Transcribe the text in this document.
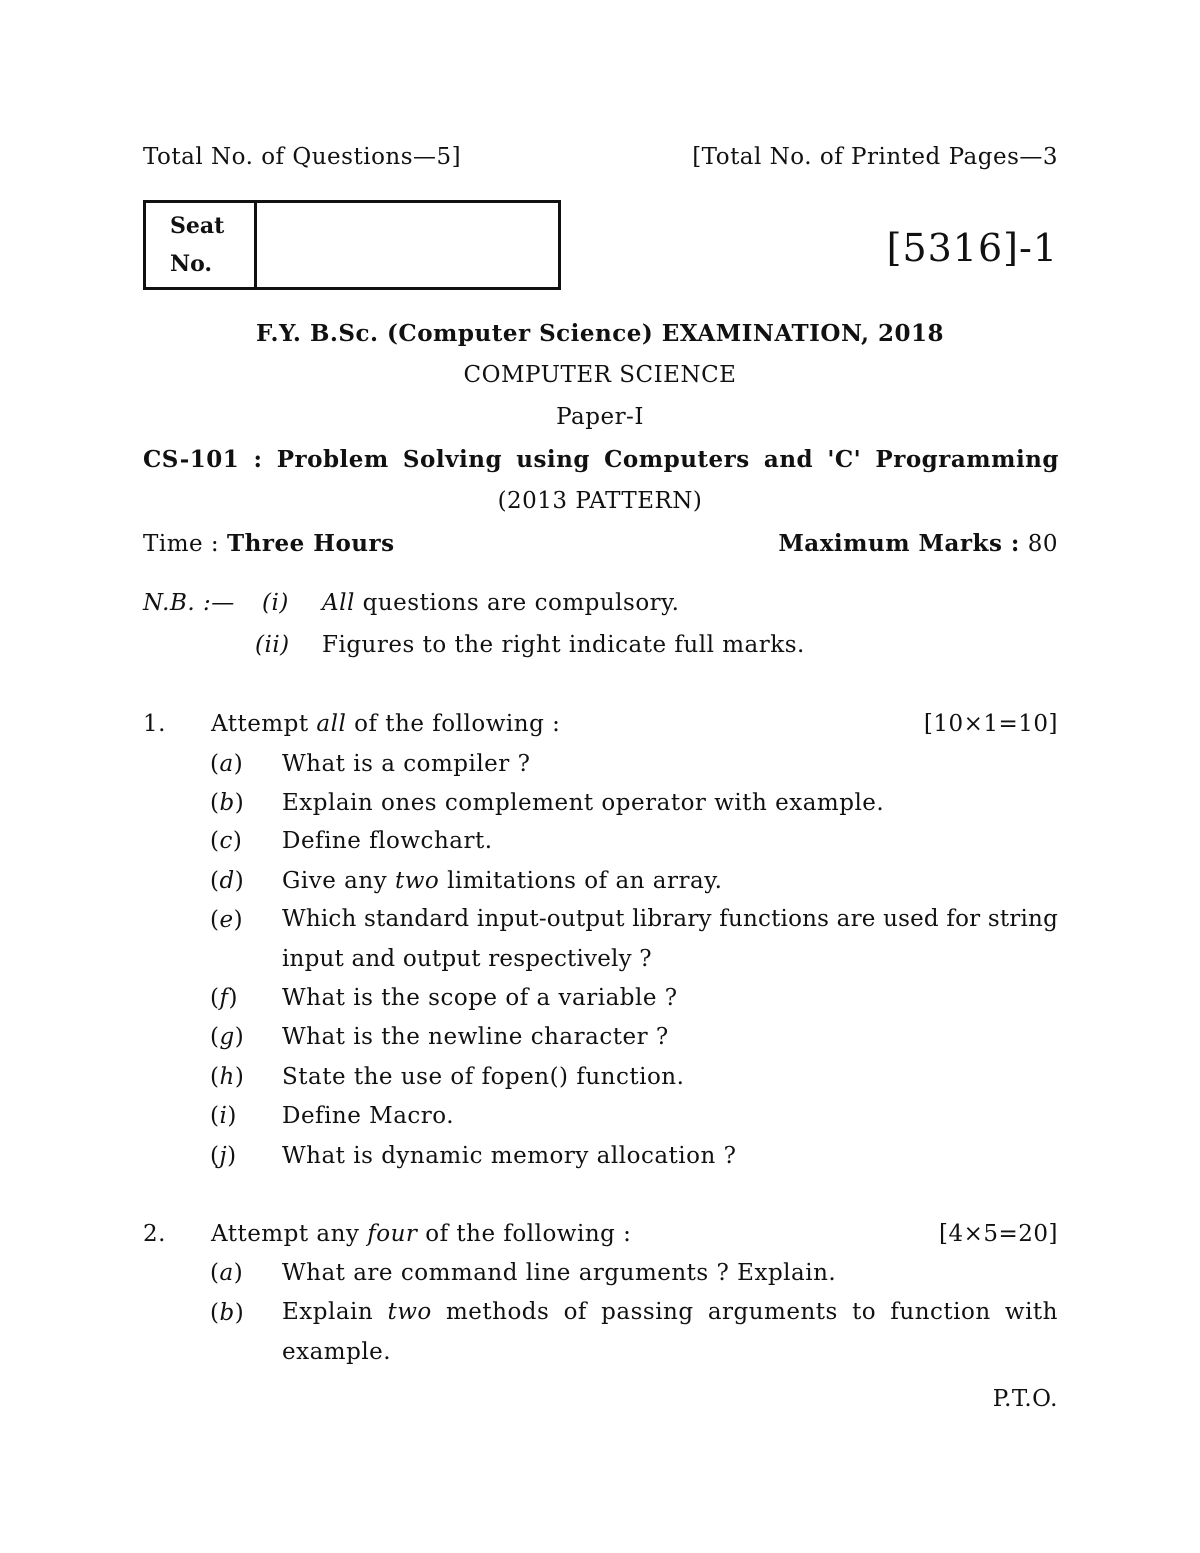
Total No. of Questions—5]	[Total No. of Printed Pages—3
Seat
No.	[5316]-1
F.Y. B.Sc. (Computer Science) EXAMINATION, 2018
COMPUTER SCIENCE
Paper-I
CS-101 : Problem Solving using Computers and 'C' Programming
(2013 PATTERN)
Time : Three Hours	Maximum Marks : 80
N.B. :— (i) All questions are compulsory.
(ii) Figures to the right indicate full marks.
1. Attempt all of the following :	[10×1=10]
(a) What is a compiler ?
(b) Explain ones complement operator with example.
(c)	Define flowchart.
(d) Give any two limitations of an array.
(e)	Which standard input-output library functions are used for string input and output respectively ?
(f)	What is the scope of a variable ?
(g) What is the newline character ?
(h) State the use of fopen() function.
(i)	Define Macro.
(j)	What is dynamic memory allocation ?
2. Attempt any four of the following :	[4×5=20]
(a) What are command line arguments ? Explain.
(b) Explain two methods of passing arguments to function with example.
P.T.O.
